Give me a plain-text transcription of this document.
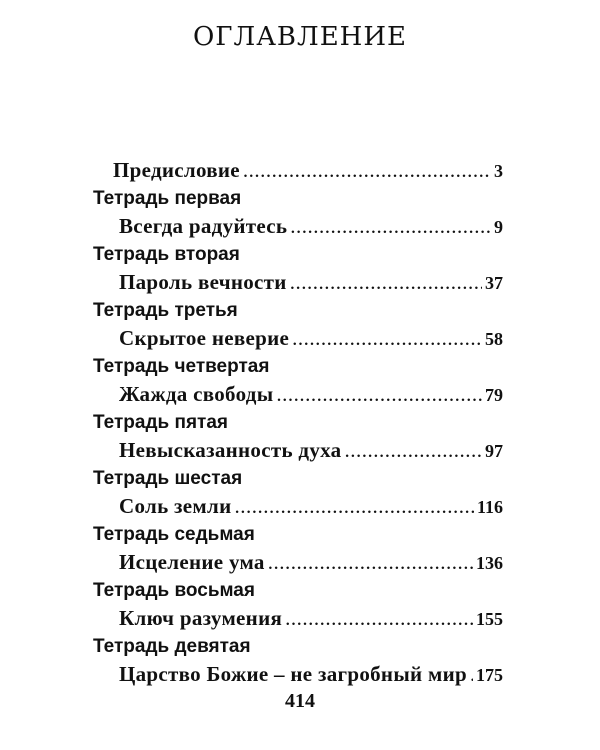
ОГЛАВЛЕНИЕ
Предисловие .....	3
Тетрадь первая
Всегда радуйтесь .....	9
Тетрадь вторая
Пароль вечности .....	37
Тетрадь третья
Скрытое неверие .....	58
Тетрадь четвертая
Жажда свободы .....	79
Тетрадь пятая
Невысказанность духа .....	97
Тетрадь шестая
Соль земли .....	116
Тетрадь седьмая
Исцеление ума .....	136
Тетрадь восьмая
Ключ разумения .....	155
Тетрадь девятая
Царство Божие – не загробный мир ..... 175
414
